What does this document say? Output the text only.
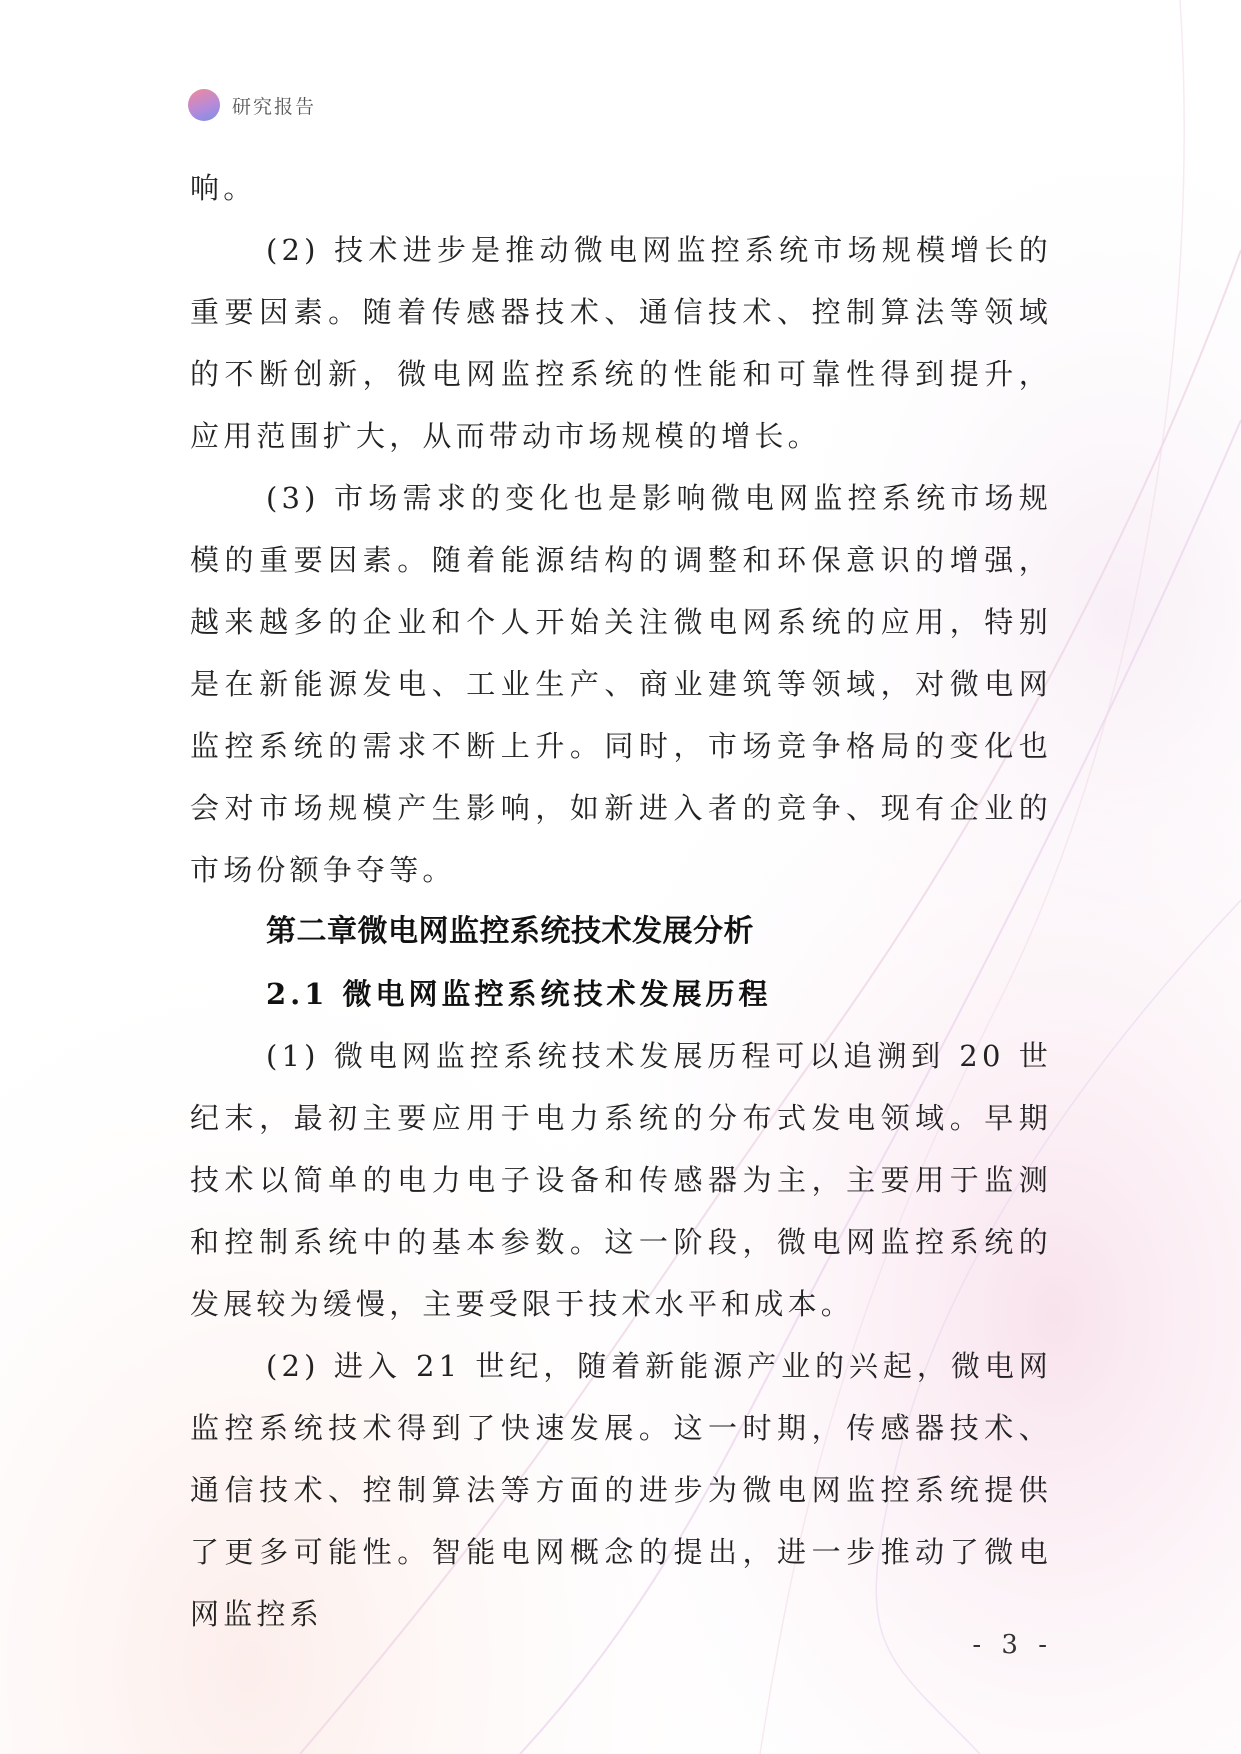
研究报告

响。

(2) 技术进步是推动微电网监控系统市场规模增长的重要因素。随着传感器技术、通信技术、控制算法等领域的不断创新，微电网监控系统的性能和可靠性得到提升，应用范围扩大，从而带动市场规模的增长。

(3) 市场需求的变化也是影响微电网监控系统市场规模的重要因素。随着能源结构的调整和环保意识的增强，越来越多的企业和个人开始关注微电网系统的应用，特别是在新能源发电、工业生产、商业建筑等领域，对微电网监控系统的需求不断上升。同时，市场竞争格局的变化也会对市场规模产生影响，如新进入者的竞争、现有企业的市场份额争夺等。

第二章微电网监控系统技术发展分析
2.1 微电网监控系统技术发展历程

(1) 微电网监控系统技术发展历程可以追溯到 20 世纪末，最初主要应用于电力系统的分布式发电领域。早期技术以简单的电力电子设备和传感器为主，主要用于监测和控制系统中的基本参数。这一阶段，微电网监控系统的发展较为缓慢，主要受限于技术水平和成本。

(2) 进入 21 世纪，随着新能源产业的兴起，微电网监控系统技术得到了快速发展。这一时期，传感器技术、通信技术、控制算法等方面的进步为微电网监控系统提供了更多可能性。智能电网概念的提出，进一步推动了微电网监控系

- 3 -
